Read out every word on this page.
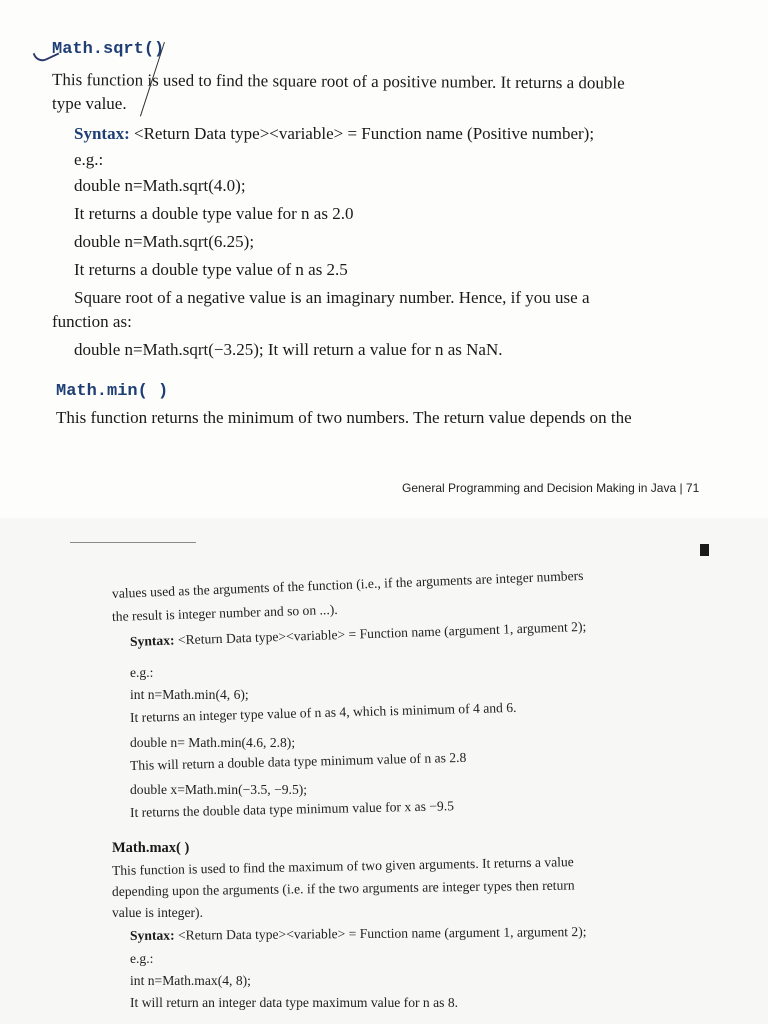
Math.sqrt()
This function is used to find the square root of a positive number. It returns a double
type value.
Syntax: <Return Data type><variable> = Function name (Positive number);
e.g.:
double n=Math.sqrt(4.0);
It returns a double type value for n as 2.0
double n=Math.sqrt(6.25);
It returns a double type value of n as 2.5
Square root of a negative value is an imaginary number. Hence, if you use a
function as:
double n=Math.sqrt(−3.25); It will return a value for n as NaN.
Math.min( )
This function returns the minimum of two numbers. The return value depends on the
General Programming and Decision Making in Java | 71
values used as the arguments of the function (i.e., if the arguments are integer numbers
the result is integer number and so on ...).
Syntax: <Return Data type><variable> = Function name (argument 1, argument 2);
e.g.:
int n=Math.min(4, 6);
It returns an integer type value of n as 4, which is minimum of 4 and 6.
double n= Math.min(4.6, 2.8);
This will return a double data type minimum value of n as 2.8
double x=Math.min(−3.5, −9.5);
It returns the double data type minimum value for x as −9.5
Math.max( )
This function is used to find the maximum of two given arguments. It returns a value
depending upon the arguments (i.e. if the two arguments are integer types then return
value is integer).
Syntax: <Return Data type><variable> = Function name (argument 1, argument 2);
e.g.:
int n=Math.max(4, 8);
It will return an integer data type maximum value for n as 8.
